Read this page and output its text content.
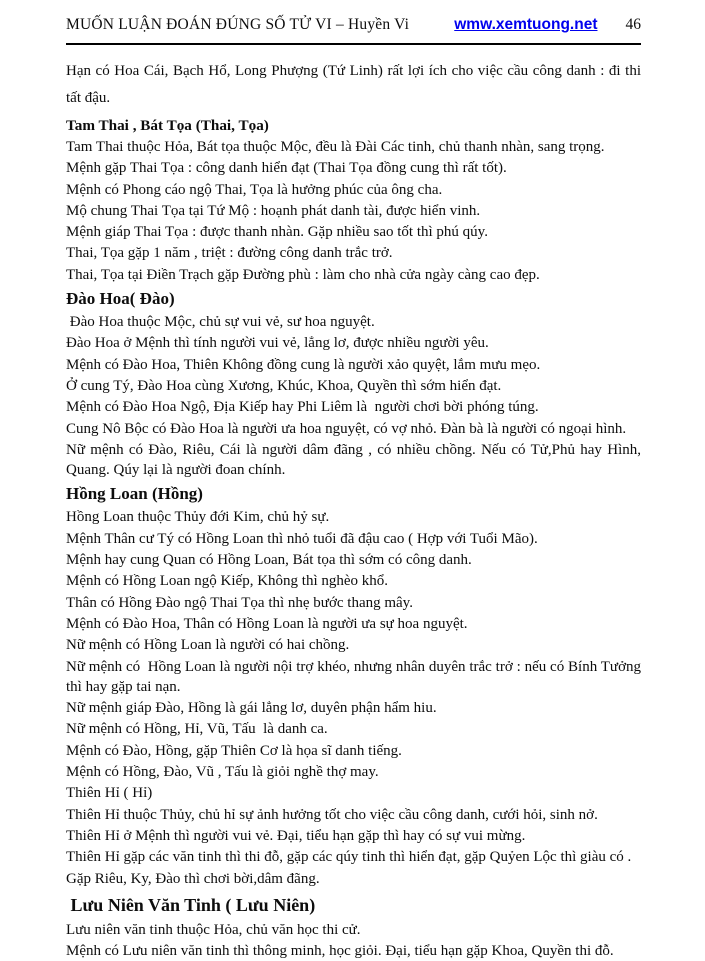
MUỐN LUẬN ĐOÁN ĐÚNG SỐ TỬ VI – Huyền Vi	wmw.xemtuong.net 46
Hạn có Hoa Cái, Bạch Hổ, Long Phượng (Tứ Linh) rất lợi ích cho việc cầu công danh : đi thi tất đậu.
Tam Thai , Bát Tọa (Thai, Tọa)
Tam Thai thuộc Hỏa, Bát tọa thuộc Mộc, đều là Đài Các tinh, chủ thanh nhàn, sang trọng.
Mệnh gặp Thai Tọa : công danh hiển đạt (Thai Tọa đồng cung thì rất tốt).
Mệnh có Phong cáo ngộ Thai, Tọa là hưởng phúc của ông cha.
Mộ chung Thai Tọa tại Tứ Mộ : hoạnh phát danh tài, được hiển vinh.
Mệnh giáp Thai Tọa : được thanh nhàn. Gặp nhiều sao tốt thì phú qúy.
Thai, Tọa gặp 1 năm , triệt : đường công danh trắc trở.
Thai, Tọa tại Điền Trạch gặp Đường phù : làm cho nhà cửa ngày càng cao đẹp.
Đào Hoa( Đào)
Đào Hoa thuộc Mộc, chủ sự vui vẻ, sư hoa nguyệt.
Đào Hoa ở Mệnh thì tính người vui vẻ, lẳng lơ, được nhiều người yêu.
Mệnh có Đào Hoa, Thiên Không đồng cung là người xảo quyệt, lắm mưu mẹo.
Ở cung Tý, Đào Hoa cùng Xương, Khúc, Khoa, Quyền thì sớm hiển đạt.
Mệnh có Đào Hoa Ngộ, Địa Kiếp hay Phi Liêm là  người chơi bời phóng túng.
Cung Nô Bộc có Đào Hoa là người ưa hoa nguyệt, có vợ nhỏ. Đàn bà là người có ngoại hình.
Nữ mệnh có Đào, Riêu, Cái là người dâm đãng , có nhiều chồng. Nếu có Tử,Phủ hay Hình, Quang. Qúy lại là người đoan chính.
Hồng Loan (Hồng)
Hồng Loan thuộc Thủy đới Kim, chủ hỷ sự.
Mệnh Thân cư Tý có Hồng Loan thì nhỏ tuổi đã đậu cao ( Hợp với Tuổi Mão).
Mệnh hay cung Quan có Hồng Loan, Bát tọa thì sớm có công danh.
Mệnh có Hồng Loan ngộ Kiếp, Không thì nghèo khổ.
Thân có Hồng Đào ngộ Thai Tọa thì nhẹ bước thang mây.
Mệnh có Đào Hoa, Thân có Hồng Loan là người ưa sự hoa nguyệt.
Nữ mệnh có Hồng Loan là người có hai chồng.
Nữ mệnh có  Hồng Loan là người nội trợ khéo, nhưng nhân duyên trắc trở : nếu có Bính Tưởng thì hay gặp tai nạn.
Nữ mệnh giáp Đào, Hồng là gái lẳng lơ, duyên phận hẩm hiu.
Nữ mệnh có Hồng, Hỉ, Vũ, Tấu  là danh ca.
Mệnh có Đào, Hồng, gặp Thiên Cơ là họa sĩ danh tiếng.
Mệnh có Hồng, Đào, Vũ , Tấu là giỏi nghề thợ may.
Thiên Hỉ ( Hỉ)
Thiên Hỉ thuộc Thủy, chủ hỉ sự ảnh hưởng tốt cho việc cầu công danh, cưới hỏi, sinh nở.
Thiên Hỉ ở Mệnh thì người vui vẻ. Đại, tiểu hạn gặp thì hay có sự vui mừng.
Thiên Hỉ gặp các văn tinh thì thi đỗ, gặp các qúy tinh thì hiển đạt, gặp Quỷen Lộc thì giàu có .
Gặp Riêu, Ky, Đào thì chơi bời,dâm đãng.
Lưu Niên Văn Tinh ( Lưu Niên)
Lưu niên văn tinh thuộc Hỏa, chủ văn học thi cử.
Mệnh có Lưu niên văn tinh thì thông minh, học giỏi. Đại, tiểu hạn gặp Khoa, Quyền thi đỗ.
